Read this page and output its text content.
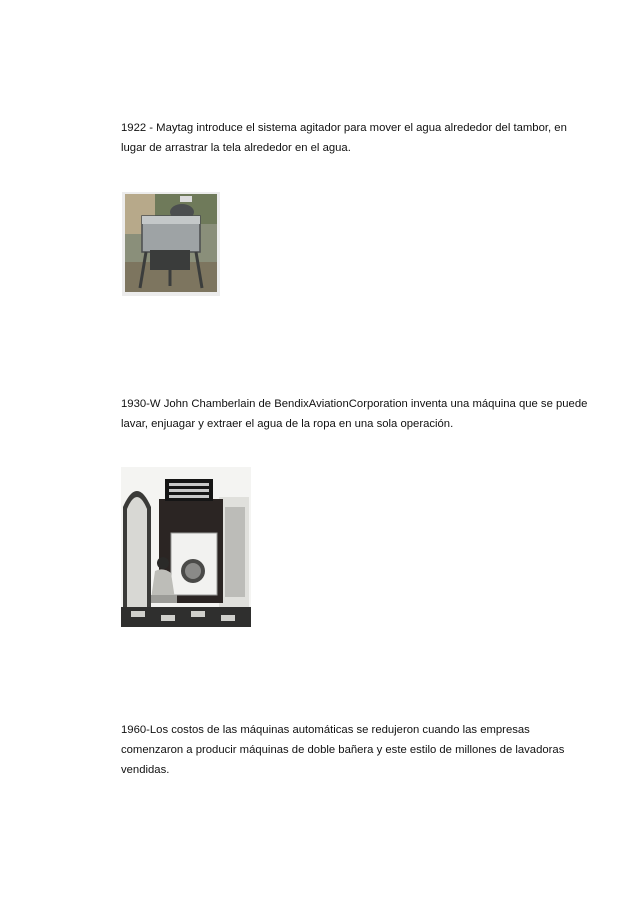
1922 - Maytag introduce el sistema agitador para mover el agua alrededor del tambor, en lugar de arrastrar la tela alrededor en el agua.

1930-W John Chamberlain de BendixAviationCorporation inventa una máquina que se puede lavar, enjuagar y extraer el agua de la ropa en una sola operación.

1960-Los costos de las máquinas automáticas se redujeron cuando las empresas comenzaron a producir máquinas de doble bañera y este estilo de millones de lavadoras vendidas.
